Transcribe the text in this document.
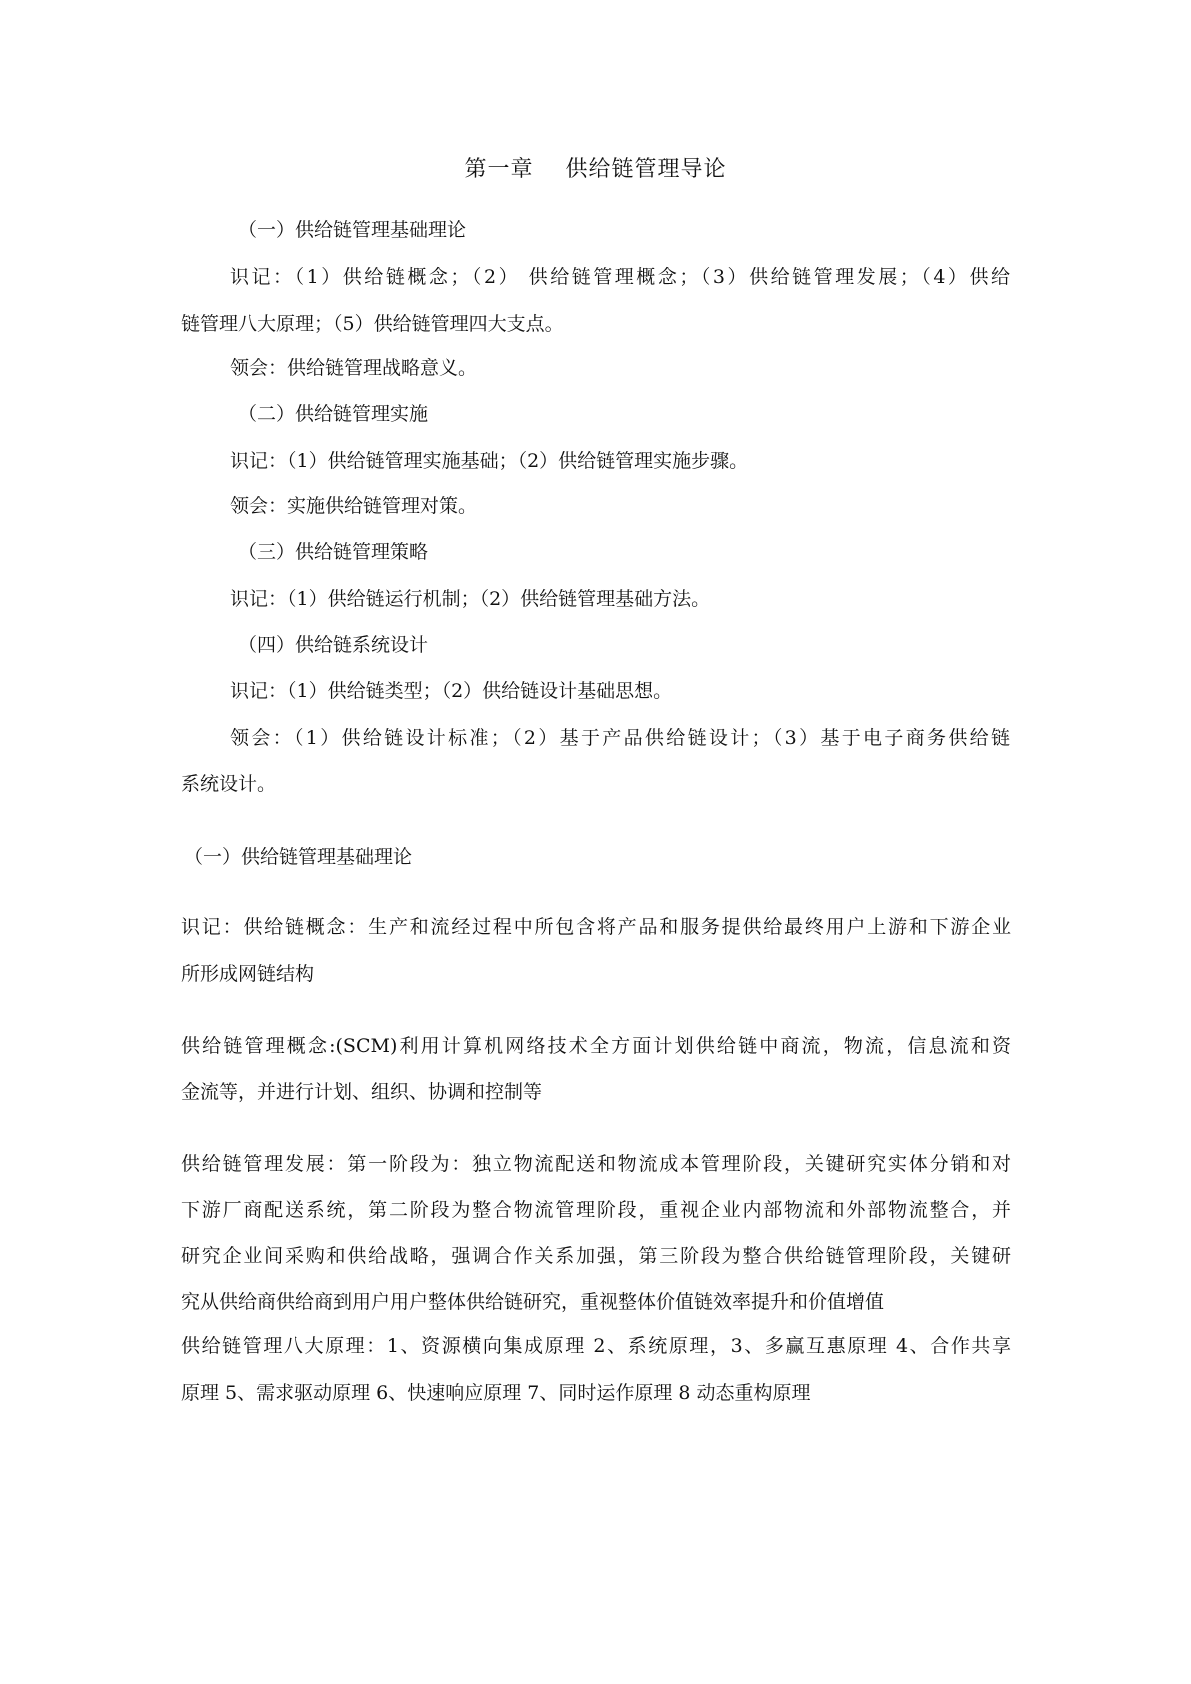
第一章    供给链管理导论
（一）供给链管理基础理论
识记：（1）供给链概念；（2） 供给链管理概念；（3）供给链管理发展；（4）供给
链管理八大原理；（5）供给链管理四大支点。
领会：供给链管理战略意义。
（二）供给链管理实施
识记：（1）供给链管理实施基础；（2）供给链管理实施步骤。
领会：实施供给链管理对策。
（三）供给链管理策略
识记：（1）供给链运行机制；（2）供给链管理基础方法。
（四）供给链系统设计
识记：（1）供给链类型；（2）供给链设计基础思想。
领会：（1）供给链设计标准；（2）基于产品供给链设计；（3）基于电子商务供给链
系统设计。
（一）供给链管理基础理论
识记：供给链概念：生产和流经过程中所包含将产品和服务提供给最终用户上游和下游企业
所形成网链结构
供给链管理概念:(SCM)利用计算机网络技术全方面计划供给链中商流，物流，信息流和资
金流等，并进行计划、组织、协调和控制等
供给链管理发展：第一阶段为：独立物流配送和物流成本管理阶段，关键研究实体分销和对
下游厂商配送系统，第二阶段为整合物流管理阶段，重视企业内部物流和外部物流整合，并
研究企业间采购和供给战略，强调合作关系加强，第三阶段为整合供给链管理阶段，关键研
究从供给商供给商到用户用户整体供给链研究，重视整体价值链效率提升和价值增值
供给链管理八大原理：1、资源横向集成原理 2、系统原理，3、多赢互惠原理 4、合作共享
原理 5、需求驱动原理 6、快速响应原理 7、同时运作原理 8 动态重构原理
